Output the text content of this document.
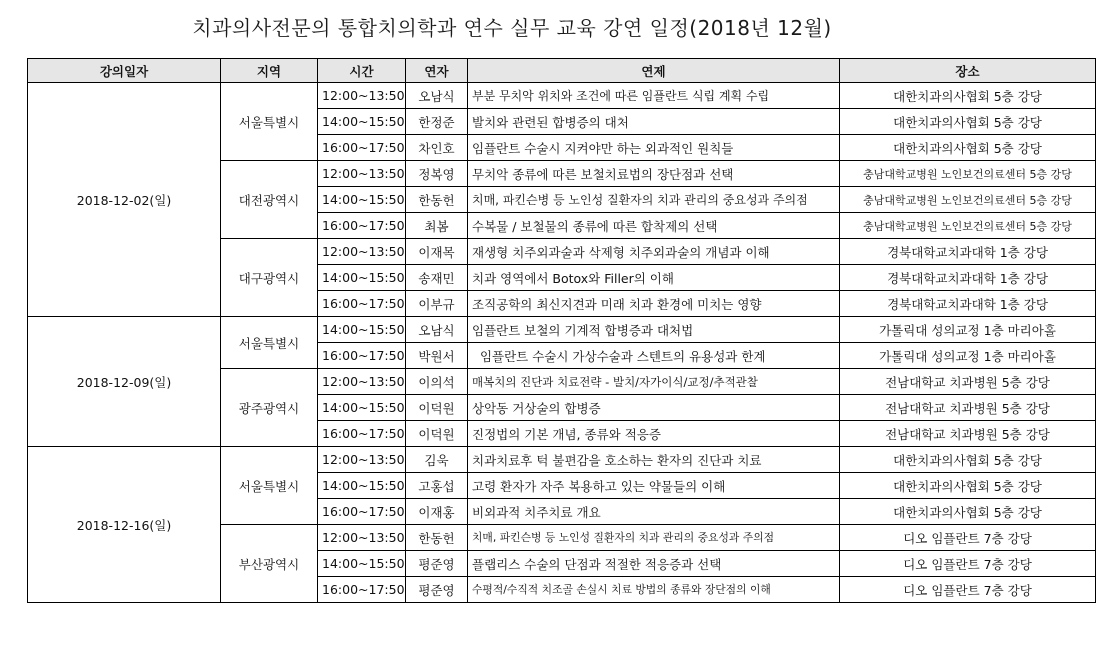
치과의사전문의 통합치의학과 연수 실무 교육 강연 일정(2018년 12월)
강의일자	지역	시간	연자	연제	장소
2018-12-02(일)	서울특별시	12:00~13:50	오남식	부분 무치악 위치와 조건에 따른 임플란트 식립 계획 수립	대한치과의사협회 5층 강당
		14:00~15:50	한정준	발치와 관련된 합병증의 대처	대한치과의사협회 5층 강당
		16:00~17:50	차인호	임플란트 수술시 지켜야만 하는 외과적인 원칙들	대한치과의사협회 5층 강당
	대전광역시	12:00~13:50	정복영	무치악 종류에 따른 보철치료법의 장단점과 선택	충남대학교병원 노인보건의료센터 5층 강당
		14:00~15:50	한동헌	치매, 파킨슨병 등 노인성 질환자의 치과 관리의 중요성과 주의점	충남대학교병원 노인보건의료센터 5층 강당
		16:00~17:50	최봄	수복물 / 보철물의 종류에 따른 합착제의 선택	충남대학교병원 노인보건의료센터 5층 강당
	대구광역시	12:00~13:50	이재목	재생형 치주외과술과 삭제형 치주외과술의 개념과 이해	경북대학교치과대학 1층 강당
		14:00~15:50	송재민	치과 영역에서 Botox와 Filler의 이해	경북대학교치과대학 1층 강당
		16:00~17:50	이부규	조직공학의 최신지견과 미래 치과 환경에 미치는 영향	경북대학교치과대학 1층 강당
2018-12-09(일)	서울특별시	14:00~15:50	오남식	임플란트 보철의 기계적 합병증과 대처법	가톨릭대 성의교정 1층 마리아홀
		16:00~17:50	박원서	임플란트 수술시 가상수술과 스텐트의 유용성과 한계	가톨릭대 성의교정 1층 마리아홀
	광주광역시	12:00~13:50	이의석	매복치의 진단과 치료전략 - 발치/자가이식/교정/추적관찰	전남대학교 치과병원 5층 강당
		14:00~15:50	이덕원	상악동 거상술의 합병증	전남대학교 치과병원 5층 강당
		16:00~17:50	이덕원	진정법의 기본 개념, 종류와 적응증	전남대학교 치과병원 5층 강당
2018-12-16(일)	서울특별시	12:00~13:50	김욱	치과치료후 턱 불편감을 호소하는 환자의 진단과 치료	대한치과의사협회 5층 강당
		14:00~15:50	고홍섭	고령 환자가 자주 복용하고 있는 약물들의 이해	대한치과의사협회 5층 강당
		16:00~17:50	이재홍	비외과적 치주치료 개요	대한치과의사협회 5층 강당
	부산광역시	12:00~13:50	한동헌	치매, 파킨슨병 등 노인성 질환자의 치과 관리의 중요성과 주의점	디오 임플란트 7층 강당
		14:00~15:50	평준영	플랩리스 수술의 단점과 적절한 적응증과 선택	디오 임플란트 7층 강당
		16:00~17:50	평준영	수평적/수직적 치조골 손실시 치료 방법의 종류와 장단점의 이해	디오 임플란트 7층 강당
